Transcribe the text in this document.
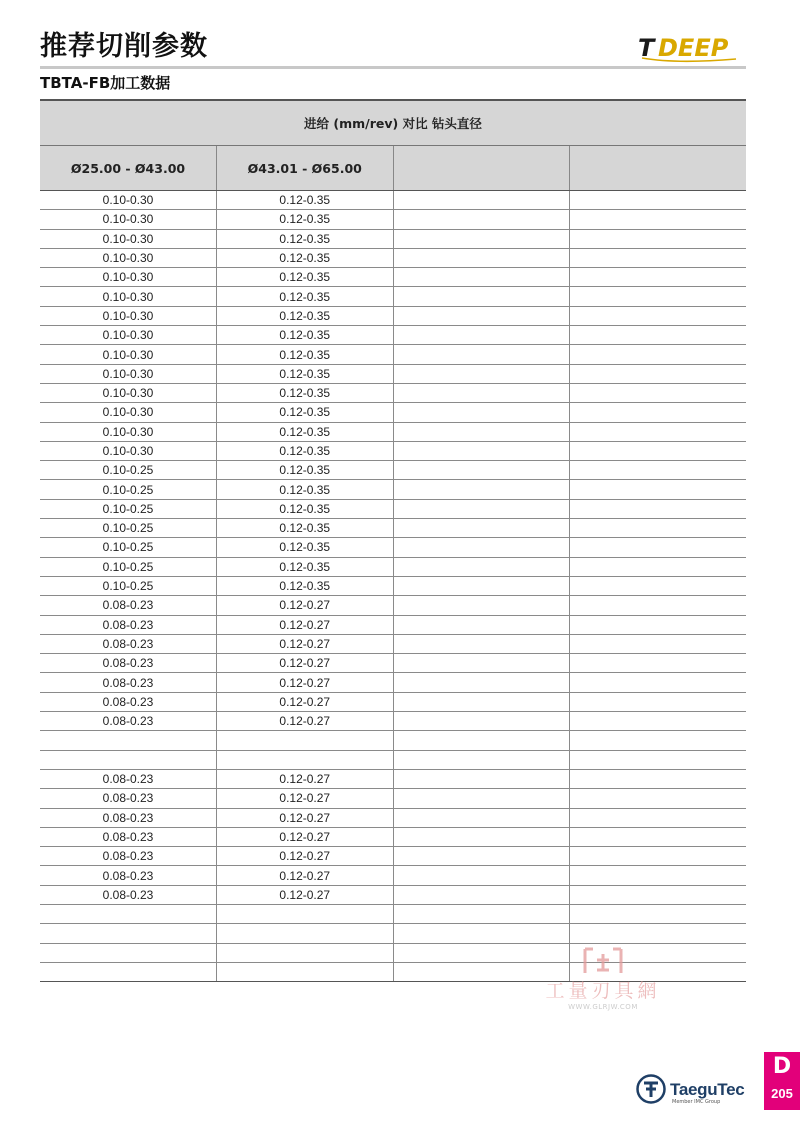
推荐切削参数	T DEEP
TBTA-FB加工数据
进给 (mm/rev) 对比 钻头直径			
Ø25.00 - Ø43.00	Ø43.01 - Ø65.00		
0.10-0.30	0.12-0.35		
0.10-0.30	0.12-0.35		
0.10-0.30	0.12-0.35		
0.10-0.30	0.12-0.35		
0.10-0.30	0.12-0.35		
0.10-0.30	0.12-0.35		
0.10-0.30	0.12-0.35		
0.10-0.30	0.12-0.35		
0.10-0.30	0.12-0.35		
0.10-0.30	0.12-0.35		
0.10-0.30	0.12-0.35		
0.10-0.30	0.12-0.35		
0.10-0.30	0.12-0.35		
0.10-0.30	0.12-0.35		
0.10-0.25	0.12-0.35		
0.10-0.25	0.12-0.35		
0.10-0.25	0.12-0.35		
0.10-0.25	0.12-0.35		
0.10-0.25	0.12-0.35		
0.10-0.25	0.12-0.35		
0.10-0.25	0.12-0.35		
0.08-0.23	0.12-0.27		
0.08-0.23	0.12-0.27		
0.08-0.23	0.12-0.27		
0.08-0.23	0.12-0.27		
0.08-0.23	0.12-0.27		
0.08-0.23	0.12-0.27		
0.08-0.23	0.12-0.27		

0.08-0.23	0.12-0.27		
0.08-0.23	0.12-0.27		
0.08-0.23	0.12-0.27		
0.08-0.23	0.12-0.27		
0.08-0.23	0.12-0.27		
0.08-0.23	0.12-0.27		
0.08-0.23	0.12-0.27		

工量刃具網
WWW.GLRJW.COM
TaeguTec
Member IMC Group
D
205
